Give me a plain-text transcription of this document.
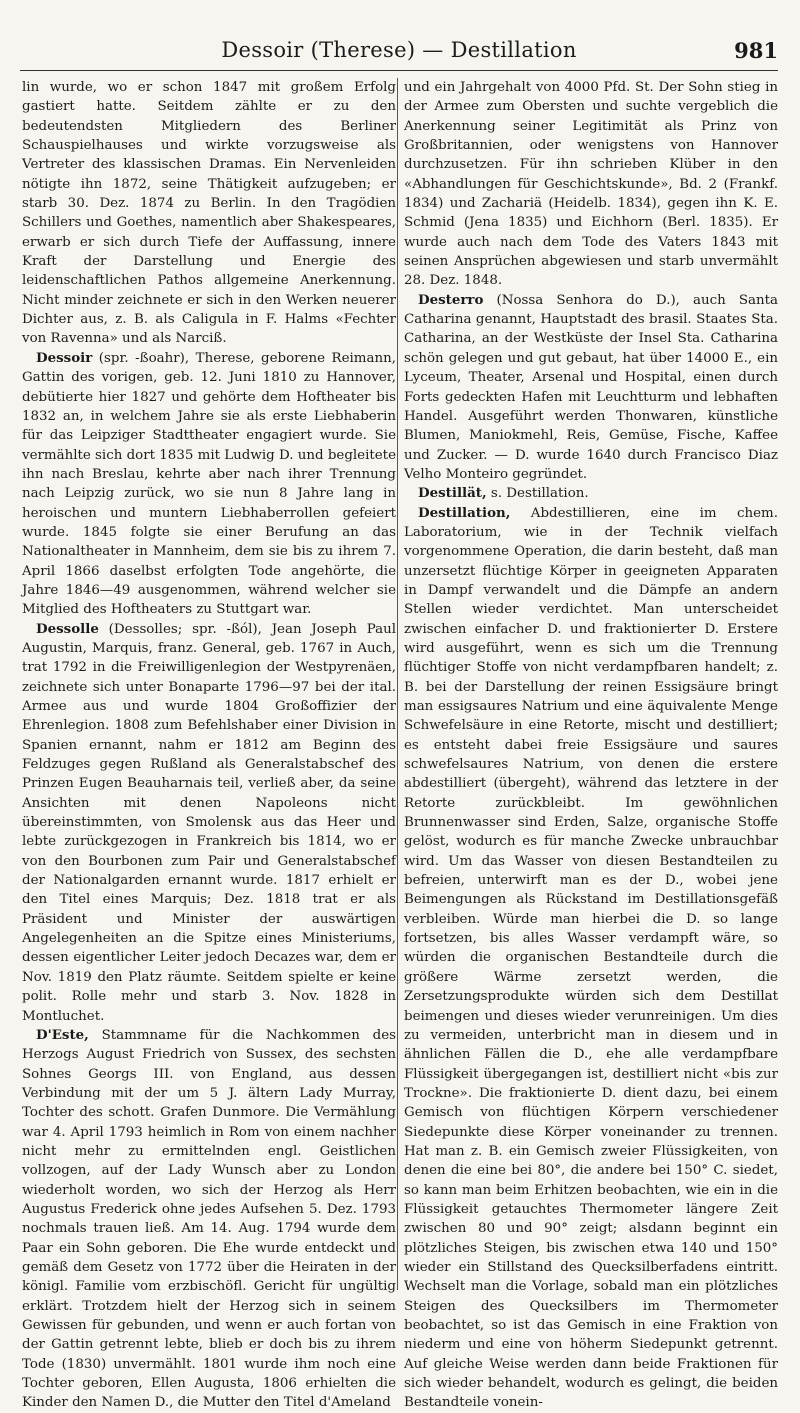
Dessoir (Therese) — Destillation	981

lin wurde, wo er schon 1847 mit großem Erfolg gastiert hatte. Seitdem zählte er zu den bedeutendsten Mitgliedern des Berliner Schauspielhauses und wirkte vorzugsweise als Vertreter des klassischen Dramas. Ein Nervenleiden nötigte ihn 1872, seine Thätigkeit aufzugeben; er starb 30. Dez. 1874 zu Berlin. In den Tragödien Schillers und Goethes, namentlich aber Shakespeares, erwarb er sich durch Tiefe der Auffassung, innere Kraft der Darstellung und Energie des leidenschaftlichen Pathos allgemeine Anerkennung. Nicht minder zeichnete er sich in den Werken neuerer Dichter aus, z. B. als Caligula in F. Halms «Fechter von Ravenna» und als Narciß.

Dessoir (spr. -ßoahr), Therese, geborene Reimann, Gattin des vorigen, geb. 12. Juni 1810 zu Hannover, debütierte hier 1827 und gehörte dem Hoftheater bis 1832 an, in welchem Jahre sie als erste Liebhaberin für das Leipziger Stadttheater engagiert wurde. Sie vermählte sich dort 1835 mit Ludwig D. und begleitete ihn nach Breslau, kehrte aber nach ihrer Trennung nach Leipzig zurück, wo sie nun 8 Jahre lang in heroischen und muntern Liebhaberrollen gefeiert wurde. 1845 folgte sie einer Berufung an das Nationaltheater in Mannheim, dem sie bis zu ihrem 7. April 1866 daselbst erfolgten Tode angehörte, die Jahre 1846—49 ausgenommen, während welcher sie Mitglied des Hoftheaters zu Stuttgart war.

Dessolle (Dessolles; spr. -ßól), Jean Joseph Paul Augustin, Marquis, franz. General, geb. 1767 in Auch, trat 1792 in die Freiwilligenlegion der Westpyrenäen, zeichnete sich unter Bonaparte 1796—97 bei der ital. Armee aus und wurde 1804 Großoffizier der Ehrenlegion. 1808 zum Befehlshaber einer Division in Spanien ernannt, nahm er 1812 am Beginn des Feldzuges gegen Rußland als Generalstabschef des Prinzen Eugen Beauharnais teil, verließ aber, da seine Ansichten mit denen Napoleons nicht übereinstimmten, von Smolensk aus das Heer und lebte zurückgezogen in Frankreich bis 1814, wo er von den Bourbonen zum Pair und Generalstabschef der Nationalgarden ernannt wurde. 1817 erhielt er den Titel eines Marquis; Dez. 1818 trat er als Präsident und Minister der auswärtigen Angelegenheiten an die Spitze eines Ministeriums, dessen eigentlicher Leiter jedoch Decazes war, dem er Nov. 1819 den Platz räumte. Seitdem spielte er keine polit. Rolle mehr und starb 3. Nov. 1828 in Montluchet.

D'Este, Stammname für die Nachkommen des Herzogs August Friedrich von Sussex, des sechsten Sohnes Georgs III. von England, aus dessen Verbindung mit der um 5 J. ältern Lady Murray, Tochter des schott. Grafen Dunmore. Die Vermählung war 4. April 1793 heimlich in Rom von einem nachher nicht mehr zu ermittelnden engl. Geistlichen vollzogen, auf der Lady Wunsch aber zu London wiederholt worden, wo sich der Herzog als Herr Augustus Frederick ohne jedes Aufsehen 5. Dez. 1793 nochmals trauen ließ. Am 14. Aug. 1794 wurde dem Paar ein Sohn geboren. Die Ehe wurde entdeckt und gemäß dem Gesetz von 1772 über die Heiraten in der königl. Familie vom erzbischöfl. Gericht für ungültig erklärt. Trotzdem hielt der Herzog sich in seinem Gewissen für gebunden, und wenn er auch fortan von der Gattin getrennt lebte, blieb er doch bis zu ihrem Tode (1830) unvermählt. 1801 wurde ihm noch eine Tochter geboren, Ellen Augusta, 1806 erhielten die Kinder den Namen D., die Mutter den Titel d'Ameland

und ein Jahrgehalt von 4000 Pfd. St. Der Sohn stieg in der Armee zum Obersten und suchte vergeblich die Anerkennung seiner Legitimität als Prinz von Großbritannien, oder wenigstens von Hannover durchzusetzen. Für ihn schrieben Klüber in den «Abhandlungen für Geschichtskunde», Bd. 2 (Frankf. 1834) und Zachariä (Heidelb. 1834), gegen ihn K. E. Schmid (Jena 1835) und Eichhorn (Berl. 1835). Er wurde auch nach dem Tode des Vaters 1843 mit seinen Ansprüchen abgewiesen und starb unvermählt 28. Dez. 1848.

Desterro (Nossa Senhora do D.), auch Santa Catharina genannt, Hauptstadt des brasil. Staates Sta. Catharina, an der Westküste der Insel Sta. Catharina schön gelegen und gut gebaut, hat über 14000 E., ein Lyceum, Theater, Arsenal und Hospital, einen durch Forts gedeckten Hafen mit Leuchtturm und lebhaften Handel. Ausgeführt werden Thonwaren, künstliche Blumen, Maniokmehl, Reis, Gemüse, Fische, Kaffee und Zucker. — D. wurde 1640 durch Francisco Diaz Velho Monteiro gegründet.

Destillät, s. Destillation.

Destillation, Abdestillieren, eine im chem. Laboratorium, wie in der Technik vielfach vorgenommene Operation, die darin besteht, daß man unzersetzt flüchtige Körper in geeigneten Apparaten in Dampf verwandelt und die Dämpfe an andern Stellen wieder verdichtet. Man unterscheidet zwischen einfacher D. und fraktionierter D. Erstere wird ausgeführt, wenn es sich um die Trennung flüchtiger Stoffe von nicht verdampfbaren handelt; z. B. bei der Darstellung der reinen Essigsäure bringt man essigsaures Natrium und eine äquivalente Menge Schwefelsäure in eine Retorte, mischt und destilliert; es entsteht dabei freie Essigsäure und saures schwefelsaures Natrium, von denen die erstere abdestilliert (übergeht), während das letztere in der Retorte zurückbleibt. Im gewöhnlichen Brunnenwasser sind Erden, Salze, organische Stoffe gelöst, wodurch es für manche Zwecke unbrauchbar wird. Um das Wasser von diesen Bestandteilen zu befreien, unterwirft man es der D., wobei jene Beimengungen als Rückstand im Destillationsgefäß verbleiben. Würde man hierbei die D. so lange fortsetzen, bis alles Wasser verdampft wäre, so würden die organischen Bestandteile durch die größere Wärme zersetzt werden, die Zersetzungsprodukte würden sich dem Destillat beimengen und dieses wieder verunreinigen. Um dies zu vermeiden, unterbricht man in diesem und in ähnlichen Fällen die D., ehe alle verdampfbare Flüssigkeit übergegangen ist, destilliert nicht «bis zur Trockne». Die fraktionierte D. dient dazu, bei einem Gemisch von flüchtigen Körpern verschiedener Siedepunkte diese Körper voneinander zu trennen. Hat man z. B. ein Gemisch zweier Flüssigkeiten, von denen die eine bei 80°, die andere bei 150° C. siedet, so kann man beim Erhitzen beobachten, wie ein in die Flüssigkeit getauchtes Thermometer längere Zeit zwischen 80 und 90° zeigt; alsdann beginnt ein plötzliches Steigen, bis zwischen etwa 140 und 150° wieder ein Stillstand des Quecksilberfadens eintritt. Wechselt man die Vorlage, sobald man ein plötzliches Steigen des Quecksilbers im Thermometer beobachtet, so ist das Gemisch in eine Fraktion von niederm und eine von höherm Siedepunkt getrennt. Auf gleiche Weise werden dann beide Fraktionen für sich wieder behandelt, wodurch es gelingt, die beiden Bestandteile vonein-
